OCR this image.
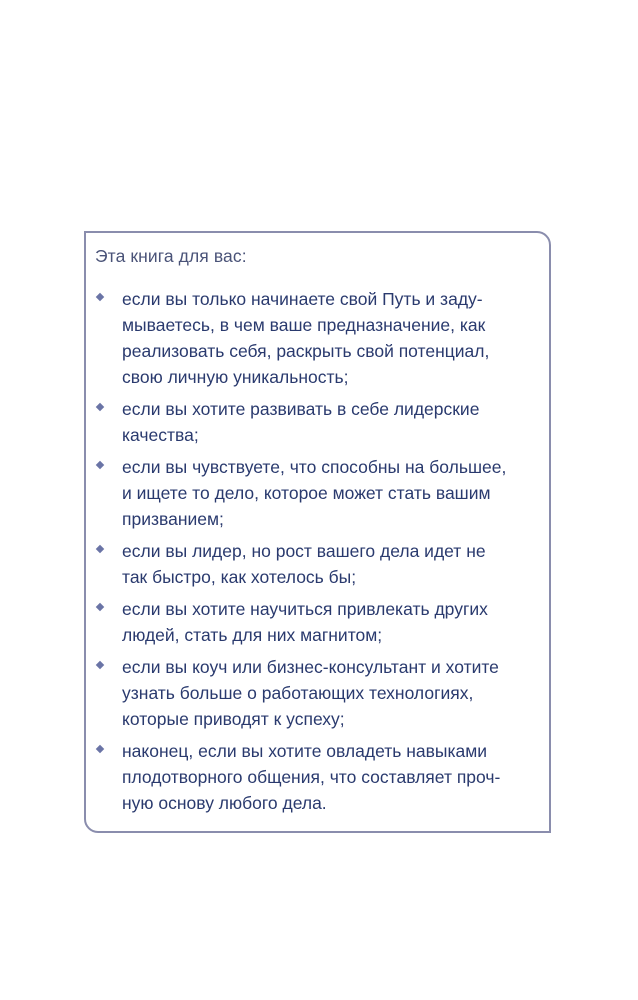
Эта книга для вас:
если вы только начинаете свой Путь и заду-
мываетесь, в чем ваше предназначение, как
реализовать себя, раскрыть свой потенциал,
свою личную уникальность;
если вы хотите развивать в себе лидерские
качества;
если вы чувствуете, что способны на большее,
и ищете то дело, которое может стать вашим
призванием;
если вы лидер, но рост вашего дела идет не
так быстро, как хотелось бы;
если вы хотите научиться привлекать других
людей, стать для них магнитом;
если вы коуч или бизнес-консультант и хотите
узнать больше о работающих технологиях,
которые приводят к успеху;
наконец, если вы хотите овладеть навыками
плодотворного общения, что составляет проч-
ную основу любого дела.
